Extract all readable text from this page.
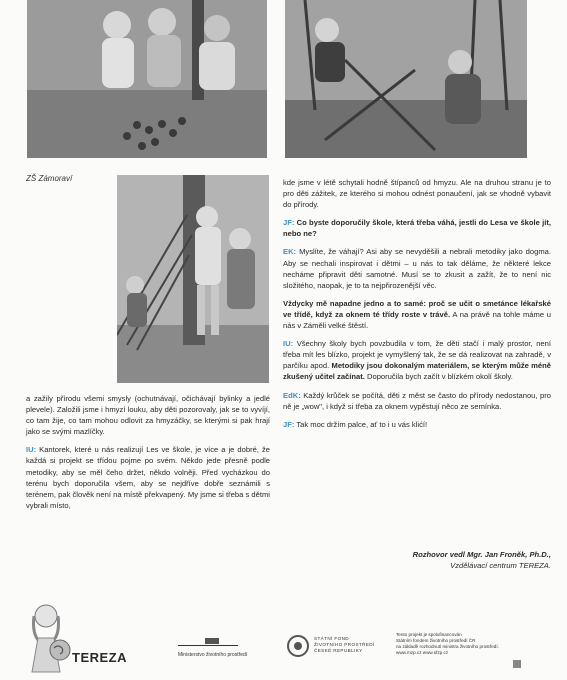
ZŠ Zámoraví

a zažily přírodu všemi smysly (ochutnávají, očichávají bylinky a jedlé plevele). Založili jsme i hmyzí louku, aby děti pozorovaly, jak se to vyvíjí, co tam žije, co tam mohou odlovit za hmyzáčky, se kterými si pak hrají jako se svými mazlíčky.

IU: Kantorek, které u nás realizují Les ve škole, je více a je dobré, že každá si projekt se třídou pojme po svém. Někdo jede přesně podle metodiky, aby se měl čeho držet, někdo volněji. Před vycházkou do terénu bych doporučila všem, aby se nejdříve dobře seznámili s terénem, pak člověk není na místě překvapený. My jsme si třeba s dětmi vybrali místo,

kde jsme v létě schytali hodně štípanců od hmyzu. Ale na druhou stranu je to pro děti zážitek, ze kterého si mohou odnést ponaučení, jak se vhodně vybavit do přírody.

JF: Co byste doporučily škole, která třeba váhá, jestli do Lesa ve škole jít, nebo ne?

EK: Myslíte, že váhají? Asi aby se nevyděšili a nebrali metodiky jako dogma. Aby se nechali inspirovat i dětmi – u nás to tak děláme, že některé lekce necháme připravit děti samotné. Musí se to zkusit a zažít, že to není nic složitého, naopak, je to ta nejpřirozenější věc.

Vždycky mě napadne jedno a to samé: proč se učit o smetánce lékařské ve třídě, když za oknem té třídy roste v trávě. A na právě na tohle máme u nás v Záměli velké štěstí.

IU: Všechny školy bych povzbudila v tom, že děti stačí i malý prostor, není třeba mít les blízko, projekt je vymyšlený tak, že se dá realizovat na zahradě, v parčíku apod. Metodiky jsou dokonalým materiálem, se kterým může méně zkušený učitel začínat. Doporučila bych začít v blízkém okolí školy.

EdK: Každý krůček se počítá, děti z měst se často do přírody nedostanou, pro ně je „wow", i když si třeba za oknem vypěstují něco ze semínka.

JF: Tak moc držím palce, ať to i u vás klićí!

Rozhovor vedl Mgr. Jan Froněk, Ph.D.,
Vzdělávací centrum TEREZA.
TEREZA	Ministerstvo životního prostředí
STÁTNÍ FOND
ŽIVOTNÍHO PROSTŘEDÍ
ČESKÉ REPUBLIKY
Tento projekt je spolufinancován
Státním fondem životního prostředí ČR
na základě rozhodnutí ministra životního prostředí.
www.mzp.cz www.sfzp.cz
